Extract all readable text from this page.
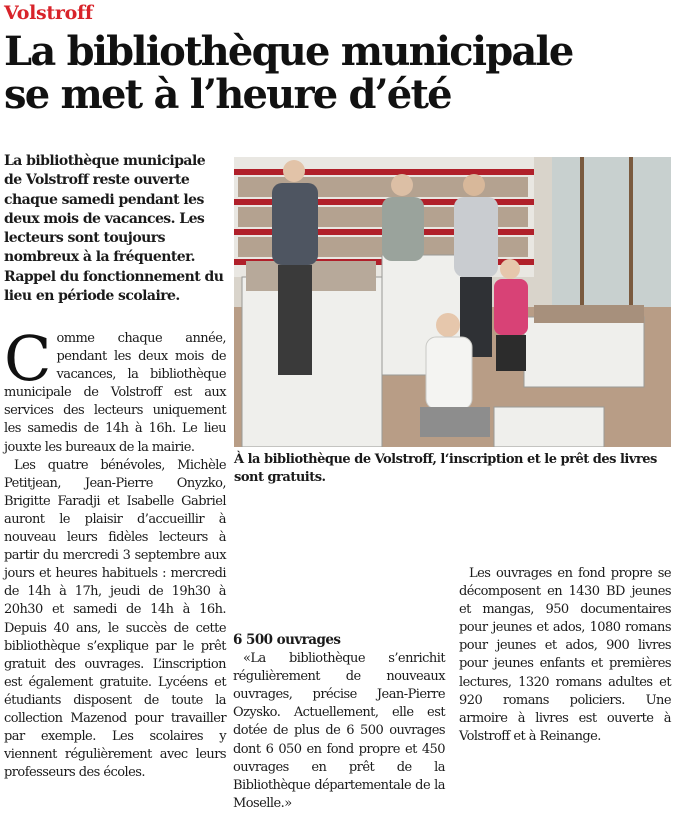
Volstroff
La bibliothèque municipale
se met à l’heure d’été

La bibliothèque municipale de Volstroff reste ouverte chaque samedi pendant les deux mois de vacances. Les lecteurs sont toujours nombreux à la fréquenter. Rappel du fonctionnement du lieu en période scolaire.

À la bibliothèque de Volstroff, l‘inscription et le prêt des livres sont gratuits.

Comme chaque année, pendant les deux mois de vacances, la bibliothèque municipale de Volstroff est aux services des lecteurs uniquement les samedis de 14h à 16h. Le lieu jouxte les bureaux de la mairie.

Les quatre bénévoles, Michèle Petitjean, Jean-Pierre Onyzko, Brigitte Faradji et Isabelle Gabriel auront le plaisir d’accueillir à nouveau leurs fidèles lecteurs à partir du mercredi 3 septembre aux jours et heures habituels : mercredi de 14h à 17h, jeudi de 19h30 à 20h30 et samedi de 14h à 16h. Depuis 40 ans, le succès de cette bibliothèque s’explique par le prêt gratuit des ouvrages. L’inscription est également gratuite. Lycéens et étudiants disposent de toute la collection Mazenod pour travailler par exemple. Les scolaires y viennent régulièrement avec leurs professeurs des écoles.

6 500 ouvrages

«La bibliothèque s’enrichit régulièrement de nouveaux ouvrages, précise Jean-Pierre Ozysko. Actuellement, elle est dotée de plus de 6 500 ouvrages dont 6 050 en fond propre et 450 ouvrages en prêt de la Bibliothèque départementale de la Moselle.»

Les ouvrages en fond propre se décomposent en 1430 BD jeunes et mangas, 950 documentaires pour jeunes et ados, 1080 romans pour jeunes et ados, 900 livres pour jeunes enfants et premières lectures, 1320 romans adultes et 920 romans policiers. Une armoire à livres est ouverte à Volstroff et à Reinange.
